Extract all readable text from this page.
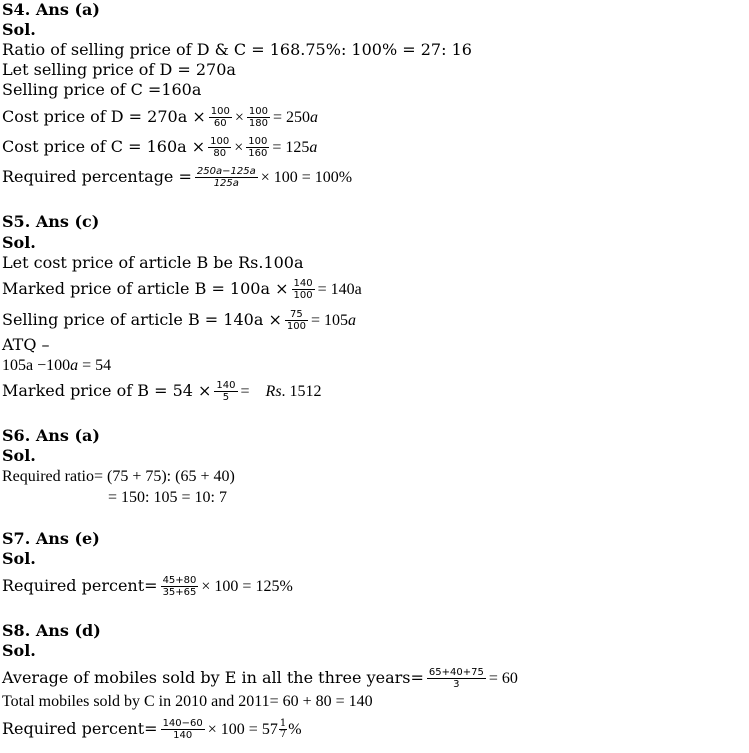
S4. Ans (a)
Sol.
Ratio of selling price of D & C = 168.75%: 100% = 27: 16
Let selling price of D = 270a
Selling price of C =160a
Cost price of $D = 270a \times \frac{100}{60} \times \frac{100}{180} = 250a$
Cost price of $C = 160a \times \frac{100}{80} \times \frac{100}{160} = 125a$
Required percentage = $\frac{250a-125a}{125a} \times 100 = 100\%$
S5. Ans (c)
Sol.
Let cost price of article B be Rs.100a
Marked price of article $B = 100a \times \frac{140}{100} = 140a$
Selling price of article $B = 140a \times \frac{75}{100} = 105a$
ATQ –
105a −100a = 54
Marked price of $B = 54 \times \frac{140}{5} = Rs$. 1512
S6. Ans (a)
Sol.
Required ratio= (75 + 75): (65 + 40)
= 150: 105 = 10: 7
S7. Ans (e)
Sol.
Required percent= $\frac{45+80}{35+65} \times 100 = 125\%$
S8. Ans (d)
Sol.
Average of mobiles sold by E in all the three years= $\frac{65+40+75}{3} = 60$
Total mobiles sold by C in 2010 and 2011= 60 + 80 = 140
Required percent= $\frac{140-60}{140} \times 100 = 57 \frac{1}{7}$ %
